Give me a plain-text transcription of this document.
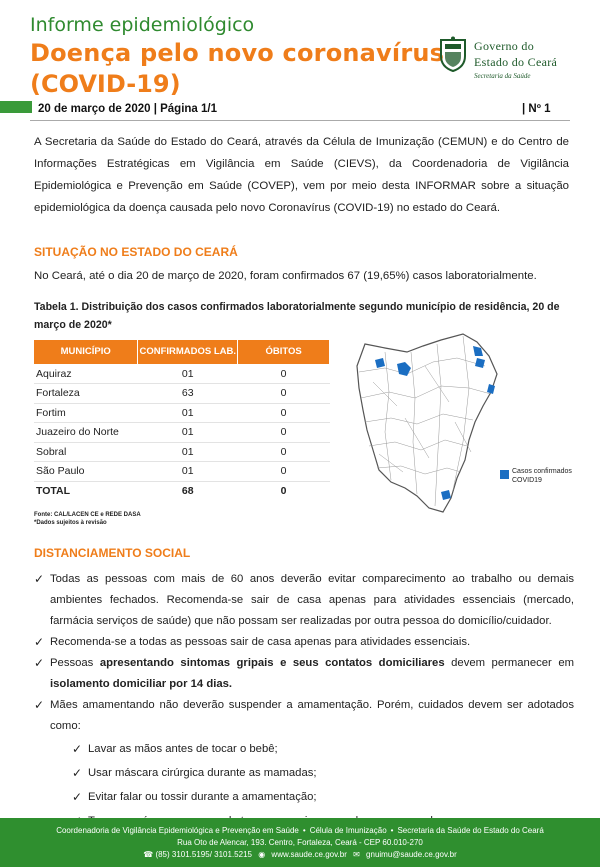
Informe epidemiológico
Doença pelo novo coronavírus
(COVID-19)
Governo do
Estado do Ceará
Secretaria da Saúde
20 de março de 2020 | Página 1/1	| Nº 1
A Secretaria da Saúde do Estado do Ceará, através da Célula de Imunização (CEMUN) e do Centro de Informações Estratégicas em Vigilância em Saúde (CIEVS), da Coordenadoria de Vigilância Epidemiológica e Prevenção em Saúde (COVEP), vem por meio desta INFORMAR sobre a situação epidemiológica da doença causada pelo novo Coronavírus (COVID-19) no estado do Ceará.
SITUAÇÃO NO ESTADO DO CEARÁ
No Ceará, até o dia 20 de março de 2020, foram confirmados 67 (19,65%) casos laboratorialmente.
Tabela 1. Distribuição dos casos confirmados laboratorialmente segundo município de residência, 20 de março de 2020*
MUNICÍPIO	CONFIRMADOS LAB.	ÓBITOS
Aquiraz	01	0
Fortaleza	63	0
Fortim	01	0
Juazeiro do Norte	01	0
Sobral	01	0
São Paulo	01	0
TOTAL	68	0
Fonte: CAL/LACEN CE e REDE DASA
*Dados sujeitos à revisão
Casos confirmados COVID19
DISTANCIAMENTO SOCIAL
✓ Todas as pessoas com mais de 60 anos deverão evitar comparecimento ao trabalho ou demais ambientes fechados. Recomenda-se sair de casa apenas para atividades essenciais (mercado, farmácia serviços de saúde) que não possam ser realizadas por outra pessoa do domicílio/cuidador.
✓ Recomenda-se a todas as pessoas sair de casa apenas para atividades essenciais.
✓ Pessoas apresentando sintomas gripais e seus contatos domiciliares devem permanecer em isolamento domiciliar por 14 dias.
✓ Mães amamentando não deverão suspender a amamentação. Porém, cuidados devem ser adotados como:
✓ Lavar as mãos antes de tocar o bebê;
✓ Usar máscara cirúrgica durante as mamadas;
✓ Evitar falar ou tossir durante a amamentação;
Coordenadoria de Vigilância Epidemiológica e Prevenção em Saúde • Célula de Imunização • Secretaria da Saúde do Estado do Ceará
Rua Oto de Alencar, 193. Centro, Fortaleza, Ceará - CEP 60.010-270
☎ (85) 3101.5195/ 3101.5215 ◉ www.saude.ce.gov.br ✉ gnuimu@saude.ce.gov.br
